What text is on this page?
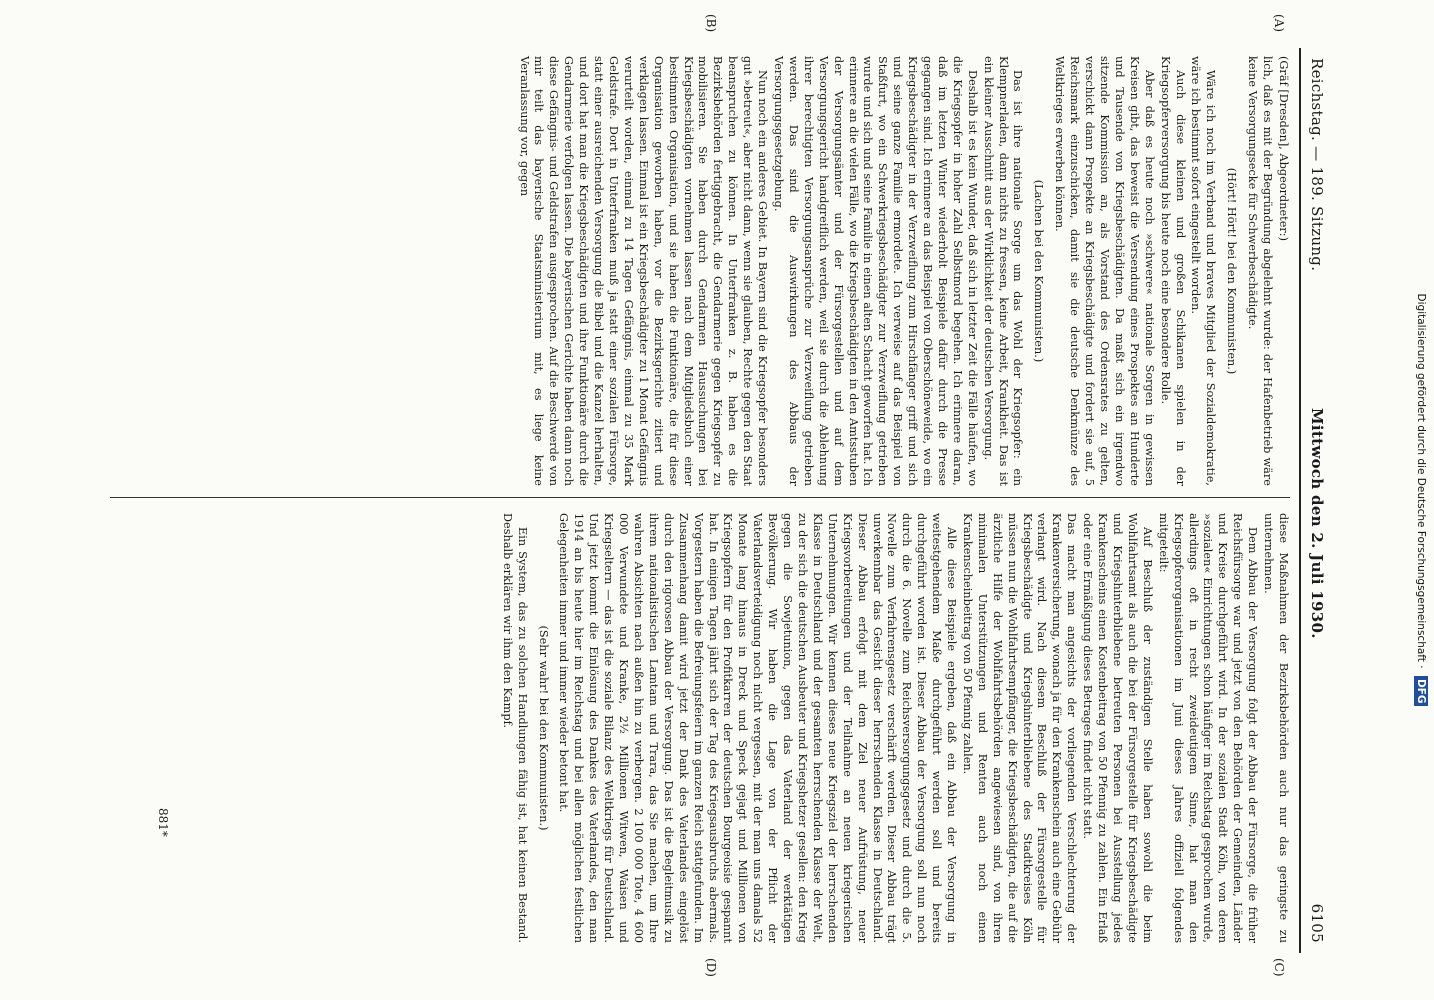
Reichstag. — 189. Sitzung.
Mittwoch den 2. Juli 1930.
6105
(A)
(B)
(C)
(D)

(Gräf [Dresden], Abgeordneter:)

lich, daß es mit der Begründung abgelehnt wurde: der Hafenbetrieb wäre keine Versorgungsecke für Schwerbeschädigte.

(Hört! Hört! bei den Kommunisten.)

Wäre ich noch im Verband und braves Mitglied der Sozialdemokratie, wäre ich bestimmt sofort eingestellt worden.

Auch diese kleinen und großen Schikanen spielen in der Kriegsopferversorgung bis heute noch eine besondere Rolle.

Aber daß es heute noch »schwere« nationale Sorgen in gewissen Kreisen gibt, das beweist die Versendung eines Prospektes an Hunderte und Tausende von Kriegsbeschädigten. Da maßt sich ein irgendwo sitzende Kommission an, als Vorstand des Ordensrates zu gelten, verschickt dann Prospekte an Kriegsbeschädigte und fordert sie auf, 5 Reichsmark einzuschicken, damit sie die deutsche Denkmünze des Weltkrieges erwerben können.

(Lachen bei den Kommunisten.)

Das ist ihre nationale Sorge um das Wohl der Kriegsopfer: ein Klempnerladen, dann nichts zu fressen, keine Arbeit, Krankheit. Das ist ein kleiner Ausschnitt aus der Wirklichkeit der deutschen Versorgung.

Deshalb ist es kein Wunder, daß sich in letzter Zeit die Fälle häufen, wo die Kriegsopfer in hoher Zahl Selbstmord begehen. Ich erinnere daran, daß im letzten Winter wiederholt Beispiele dafür durch die Presse gegangen sind. Ich erinnere an das Beispiel von Oberschöneweide, wo ein Kriegsbeschädigter in der Verzweiflung zum Hirschfänger griff und sich und seine ganze Familie ermordete. Ich verweise auf das Beispiel von Staßfurt, wo ein Schwerkriegsbeschädigter zur Verzweiflung getrieben wurde und sich und seine Familie in einen alten Schacht geworfen hat. Ich erinnere an die vielen Fälle, wo die Kriegsbeschädigten in den Amtsstuben der Versorgungsämter und der Fürsorgestellen und auf dem Versorgungsgericht handgreiflich werden, weil sie durch die Ablehnung ihrer berechtigten Versorgungsansprüche zur Verzweiflung getrieben werden. Das sind die Auswirkungen des Abbaus der Versorgungsgesetzgebung.

Nun noch ein anderes Gebiet. In Bayern sind die Kriegsopfer besonders gut »betreut«, aber nicht dann, wenn sie glauben, Rechte gegen den Staat beanspruchen zu können. In Unterfranken z. B. haben es die Bezirksbehörden fertiggebracht, die Gendarmerie gegen Kriegsopfer zu mobilisieren. Sie haben durch Gendarmen Haussuchungen bei Kriegsbeschädigten vornehmen lassen nach dem Mitgliedsbuch einer bestimmten Organisation, und sie haben die Funktionäre, die für diese Organisation geworben haben, vor die Bezirksgerichte zitiert und verklagen lassen. Einmal ist ein Kriegsbeschädigter zu 1 Monat Gefängnis verurteilt worden, einmal zu 14 Tagen Gefängnis, einmal zu 35 Mark Geldstrafe. Dort in Unterfranken muß ja statt einer sozialen Fürsorge, statt einer ausreichenden Versorgung die Bibel und die Kanzel herhalten, und dort hat man die Kriegsbeschädigten und ihre Funktionäre durch die Gendarmerie verfolgen lassen. Die bayerischen Gerichte haben dann noch diese Gefängnis- und Geldstrafen ausgesprochen. Auf die Beschwerde von mir teilt das bayerische Staatsministerium mit, es liege keine Veranlassung vor, gegen

diese Maßnahmen der Bezirksbehörden auch nur das geringste zu unternehmen.

Dem Abbau der Versorgung folgt der Abbau der Fürsorge, die früher Reichsfürsorge war und jetzt von den Behörden der Gemeinden, Länder und Kreise durchgeführt wird. In der sozialen Stadt Köln, von deren »sozialen« Einrichtungen schon häufiger im Reichstag gesprochen wurde, allerdings oft in recht zweideutigem Sinne, hat man den Kriegsopferorganisationen im Juni dieses Jahres offiziell folgendes mitgeteilt:

Auf Beschluß der zuständigen Stelle haben sowohl die beim Wohlfahrtsamt als auch die bei der Fürsorgestelle für Kriegsbeschädigte und Kriegshinterbliebene betreuten Personen bei Ausstellung jedes Krankenscheins einen Kostenbeitrag von 50 Pfennig zu zahlen. Ein Erlaß oder eine Ermäßigung dieses Betrages findet nicht statt.

Das macht man angesichts der vorliegenden Verschlechterung der Krankenversicherung, wonach ja für den Krankenschein auch eine Gebühr verlangt wird. Nach diesem Beschluß der Fürsorgestelle für Kriegsbeschädigte und Kriegshinterbliebene des Stadtkreises Köln müssen nun die Wohlfahrtsempfänger, die Kriegsbeschädigten, die auf die ärztliche Hilfe der Wohlfahrtsbehörden angewiesen sind, von ihren minimalen Unterstützungen und Renten auch noch einen Krankenscheinbeitrag von 50 Pfennig zahlen.

Alle diese Beispiele ergeben, daß ein Abbau der Versorgung in weitestgehendem Maße durchgeführt werden soll und bereits durchgeführt worden ist. Dieser Abbau der Versorgung soll nun noch durch die 6. Novelle zum Reichsversorgungsgesetz und durch die 5. Novelle zum Verfahrensgesetz verschärft werden. Dieser Abbau trägt unverkennbar das Gesicht dieser herrschenden Klasse in Deutschland. Dieser Abbau erfolgt mit dem Ziel neuer Aufrüstung, neuer Kriegsvorbereitungen und der Teilnahme an neuen kriegerischen Unternehmungen. Wir kennen dieses neue Kriegsziel der herrschenden Klasse in Deutschland und der gesamten herrschenden Klasse der Welt, zu der sich die deutschen Ausbeuter und Kriegshetzer gesellen: den Krieg gegen die Sowjetunion, gegen das Vaterland der werktätigen Bevölkerung. Wir haben die Lage von der Pflicht der Vaterlandsverteidigung noch nicht vergessen, mit der man uns damals 52 Monate lang hinaus in Dreck und Speck gejagt und Millionen von Kriegsopfern für den Profitkarren der deutschen Bourgeoisie gespannt hat. In einigen Tagen jährt sich der Tag des Kriegsausbruchs abermals. Vorgestern haben die Befreiungsfeiern im ganzen Reich stattgefunden. Im Zusammenhang damit wird jetzt der Dank des Vaterlandes eingelöst durch den rigorosen Abbau der Versorgung. Das ist die Begleitmusik zu ihrem nationalistischen Lamtam und Trara, das Sie machen, um Ihre wahren Absichten nach außen hin zu verbergen. 2 100 000 Tote, 4 600 000 Verwundete und Kranke, 2½ Millionen Witwen, Waisen und Kriegseltern — das ist die soziale Bilanz des Weltkriegs für Deutschland. Und jetzt kommt die Einlösung des Dankes des Vaterlandes, den man 1914 an bis heute hier im Reichstag und bei allen möglichen festlichen Gelegenheiten immer und immer wieder betont hat.

(Sehr wahr! bei den Kommunisten.)

Ein System, das zu solchen Handlungen fähig ist, hat keinen Bestand. Deshalb erklären wir ihm den Kampf.

881*
Digitalisierung gefördert durch die Deutsche Forschungsgemeinschaft · DFG
